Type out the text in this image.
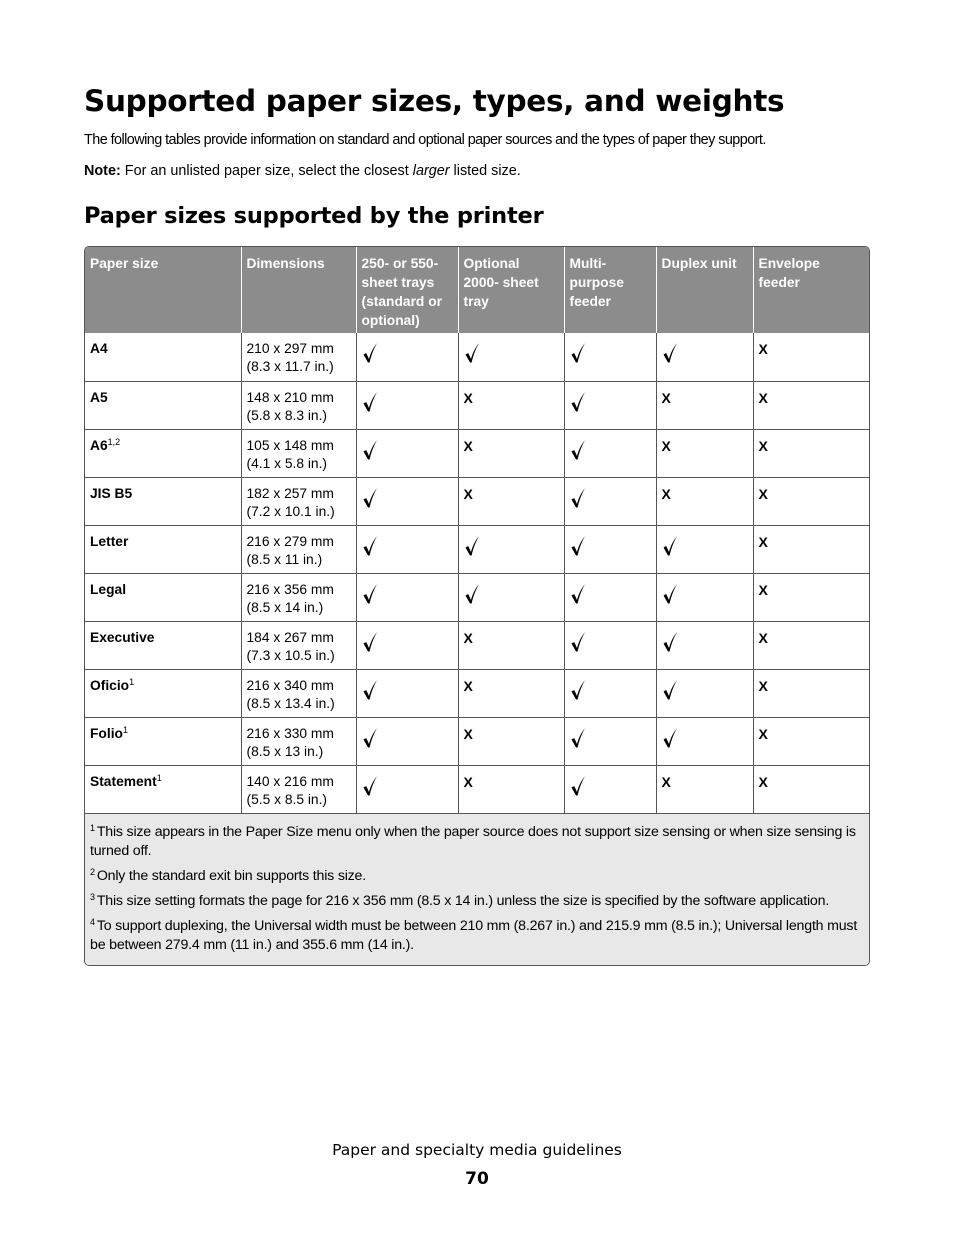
Supported paper sizes, types, and weights

The following tables provide information on standard and optional paper sources and the types of paper they support.

Note: For an unlisted paper size, select the closest larger listed size.

Paper sizes supported by the printer
Paper size	Dimensions	250- or 550-sheet trays (standard or optional)	Optional 2000- sheet tray	Multi-purpose feeder	Duplex unit	Envelope feeder
A4	210 x 297 mm
(8.3 x 11.7 in.)					X
A5	148 x 210 mm
(5.8 x 8.3 in.)		X		X	X
A6$^{1,2}$	105 x 148 mm
(4.1 x 5.8 in.)		X		X	X
JIS B5	182 x 257 mm
(7.2 x 10.1 in.)		X		X	X
Letter	216 x 279 mm
(8.5 x 11 in.)					X
Legal	216 x 356 mm
(8.5 x 14 in.)					X
Executive	184 x 267 mm
(7.3 x 10.5 in.)		X			X
Oficio$^1$	216 x 340 mm
(8.5 x 13.4 in.)		X			X
Folio$^1$	216 x 330 mm
(8.5 x 13 in.)		X			X
Statement$^1$	140 x 216 mm
(5.5 x 8.5 in.)		X		X	X

$^1$ This size appears in the Paper Size menu only when the paper source does not support size sensing or when size sensing is turned off.

$^2$ Only the standard exit bin supports this size.

$^3$ This size setting formats the page for 216 x 356 mm (8.5 x 14 in.) unless the size is specified by the software application.

$^4$ To support duplexing, the Universal width must be between 210 mm (8.267 in.) and 215.9 mm (8.5 in.); Universal length must be between 279.4 mm (11 in.) and 355.6 mm (14 in.).

Paper and specialty media guidelines
70
